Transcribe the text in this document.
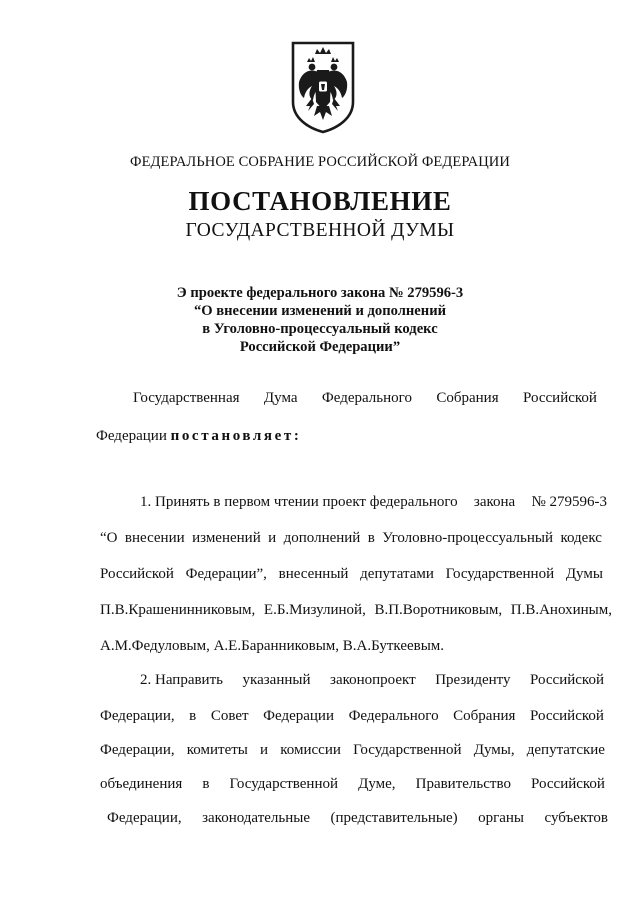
ФЕДЕРАЛЬНОЕ СОБРАНИЕ РОССИЙСКОЙ ФЕДЕРАЦИИ
ПОСТАНОВЛЕНИЕ
ГОСУДАРСТВЕННОЙ ДУМЫ
Э проекте федерального закона № 279596-3
“О внесении изменений и дополнений
в Уголовно-процессуальный кодекс
Российской Федерации”
Государственная Дума Федерального Собрания Российской
Федерации постановляет:
1. Принять в первом чтении проект федерального закона № 279596-3
“О внесении изменений и дополнений в Уголовно-процессуальный кодекс
Российской Федерации”, внесенный депутатами Государственной Думы
П.В.Крашенинниковым, Е.Б.Мизулиной, В.П.Воротниковым, П.В.Анохиным,
А.М.Федуловым, А.Е.Баранниковым, В.А.Буткеевым.
2. Направить указанный законопроект Президенту Российской
Федерации, в Совет Федерации Федерального Собрания Российской
Федерации, комитеты и комиссии Государственной Думы, депутатские
объединения в Государственной Думе, Правительство Российской
Федерации, законодательные (представительные) органы субъектов
